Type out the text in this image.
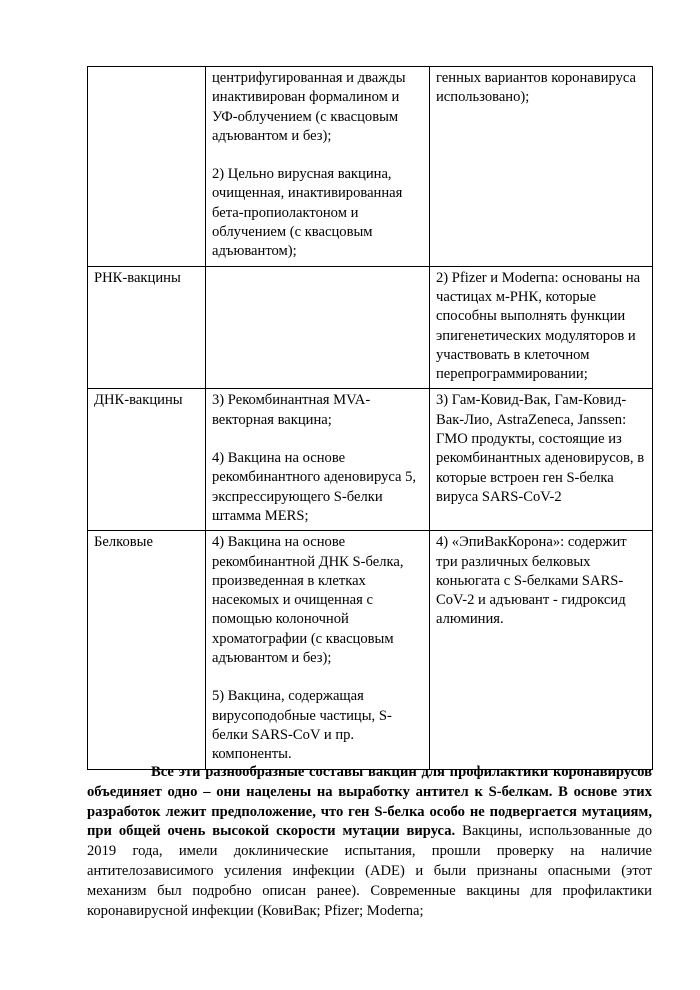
	центрифугированная и дважды инактивирован формалином и УФ-облучением (с квасцовым адъювантом и без);

2) Цельно вирусная вакцина, очищенная, инактивированная бета-пропиолактоном и облучением (с квасцовым адъювантом);	генных вариантов коронавируса использовано);

РНК-вакцины		2) Pfizer и Moderna: основаны на частицах м-РНК, которые способны выполнять функции эпигенетических модуляторов и участвовать в клеточном перепрограммировании;

ДНК-вакцины	3) Рекомбинантная MVA-векторная вакцина;

4) Вакцина на основе рекомбинантного аденовируса 5, экспрессирующего S-белки штамма MERS;	3) Гам-Ковид-Вак, Гам-Ковид-Вак-Лио, AstraZeneca, Janssen: ГМО продукты, состоящие из рекомбинантных аденовирусов, в которые встроен ген S-белка вируса SARS-CoV-2

Белковые	4) Вакцина на основе рекомбинантной ДНК S-белка, произведенная в клетках насекомых и очищенная с помощью колоночной хроматографии (с квасцовым адъювантом и без);

5) Вакцина, содержащая вирусоподобные частицы, S-белки SARS-CoV и пр. компоненты.	4) «ЭпиВакКорона»: содержит три различных белковых коньюгата с S-белками SARS-CoV-2 и адъювант - гидроксид алюминия.

Все эти разнообразные составы вакцин для профилактики коронавирусов объединяет одно – они нацелены на выработку антител к S-белкам. В основе этих разработок лежит предположение, что ген S-белка особо не подвергается мутациям, при общей очень высокой скорости мутации вируса. Вакцины, использованные до 2019 года, имели доклинические испытания, прошли проверку на наличие антителозависимого усиления инфекции (ADE) и были признаны опасными (этот механизм был подробно описан ранее). Современные вакцины для профилактики коронавирусной инфекции (КовиВак; Pfizer; Moderna;
